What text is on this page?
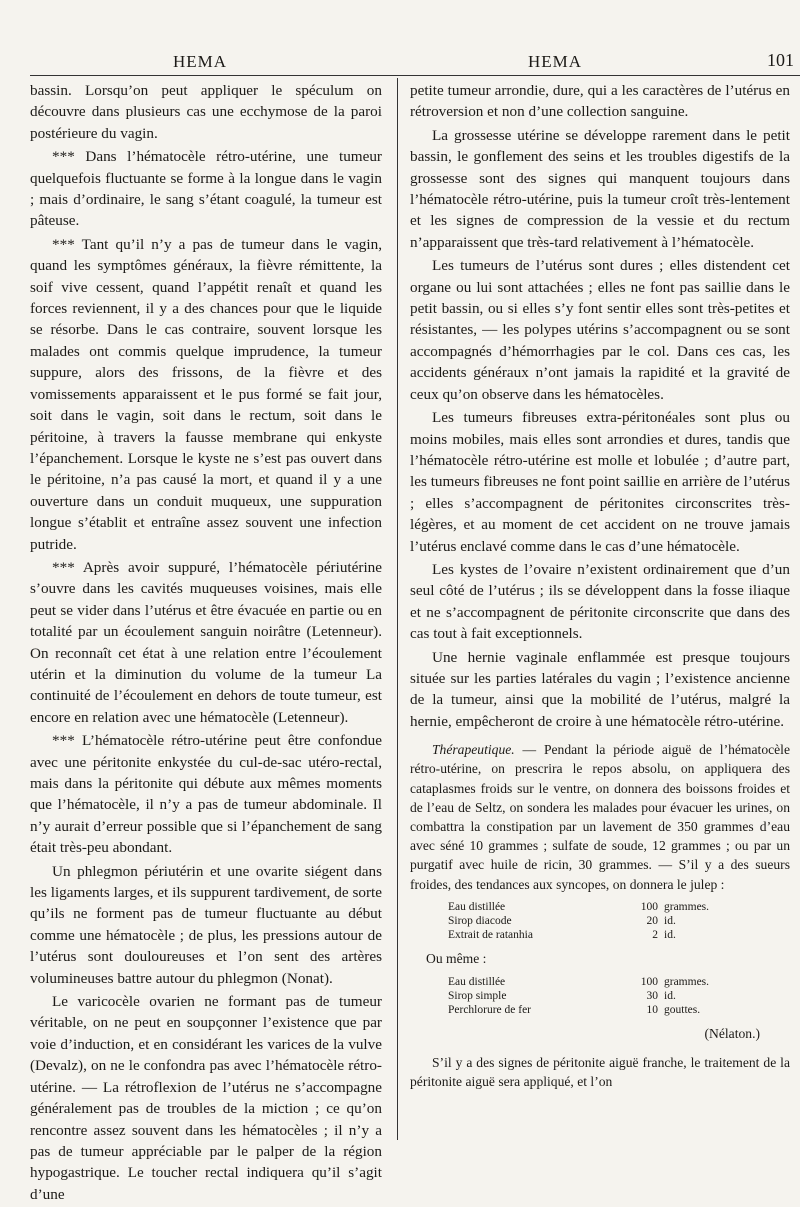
HEMA	HEMA	101

bassin. Lorsqu’on peut appliquer le spéculum on découvre dans plusieurs cas une ecchymose de la paroi postérieure du vagin.

*** Dans l’hématocèle rétro-utérine, une tumeur quelquefois fluctuante se forme à la longue dans le vagin ; mais d’ordinaire, le sang s’étant coagulé, la tumeur est pâteuse.

*** Tant qu’il n’y a pas de tumeur dans le vagin, quand les symptômes généraux, la fièvre rémittente, la soif vive cessent, quand l’appétit renaît et quand les forces reviennent, il y a des chances pour que le liquide se résorbe. Dans le cas contraire, souvent lorsque les malades ont commis quelque imprudence, la tumeur suppure, alors des frissons, de la fièvre et des vomissements apparaissent et le pus formé se fait jour, soit dans le vagin, soit dans le rectum, soit dans le péritoine, à travers la fausse membrane qui enkyste l’épanchement. Lorsque le kyste ne s’est pas ouvert dans le péritoine, n’a pas causé la mort, et quand il y a une ouverture dans un conduit muqueux, une suppuration longue s’établit et entraîne assez souvent une infection putride.

*** Après avoir suppuré, l’hématocèle périutérine s’ouvre dans les cavités muqueuses voisines, mais elle peut se vider dans l’utérus et être évacuée en partie ou en totalité par un écoulement sanguin noirâtre (Letenneur). On reconnaît cet état à une relation entre l’écoulement utérin et la diminution du volume de la tumeur La continuité de l’écoulement en dehors de toute tumeur, est encore en relation avec une hématocèle (Letenneur).

*** L’hématocèle rétro-utérine peut être confondue avec une péritonite enkystée du cul-de-sac utéro-rectal, mais dans la péritonite qui débute aux mêmes moments que l’hématocèle, il n’y a pas de tumeur abdominale. Il n’y aurait d’erreur possible que si l’épanchement de sang était très-peu abondant.

Un phlegmon périutérin et une ovarite siégent dans les ligaments larges, et ils suppurent tardivement, de sorte qu’ils ne forment pas de tumeur fluctuante au début comme une hématocèle ; de plus, les pressions autour de l’utérus sont douloureuses et l’on sent des artères volumineuses battre autour du phlegmon (Nonat).

Le varicocèle ovarien ne formant pas de tumeur véritable, on ne peut en soupçonner l’existence que par voie d’induction, et en considérant les varices de la vulve (Devalz), on ne le confondra pas avec l’hématocèle rétro-utérine. — La rétroflexion de l’utérus ne s’accompagne généralement pas de troubles de la miction ; ce qu’on rencontre assez souvent dans les hématocèles ; il n’y a pas de tumeur appréciable par le palper de la région hypogastrique. Le toucher rectal indiquera qu’il s’agit d’une

petite tumeur arrondie, dure, qui a les caractères de l’utérus en rétroversion et non d’une collection sanguine.

La grossesse utérine se développe rarement dans le petit bassin, le gonflement des seins et les troubles digestifs de la grossesse sont des signes qui manquent toujours dans l’hématocèle rétro-utérine, puis la tumeur croît très-lentement et les signes de compression de la vessie et du rectum n’apparaissent que très-tard relativement à l’hématocèle.

Les tumeurs de l’utérus sont dures ; elles distendent cet organe ou lui sont attachées ; elles ne font pas saillie dans le petit bassin, ou si elles s’y font sentir elles sont très-petites et résistantes, — les polypes utérins s’accompagnent ou se sont accompagnés d’hémorrhagies par le col. Dans ces cas, les accidents généraux n’ont jamais la rapidité et la gravité de ceux qu’on observe dans les hématocèles.

Les tumeurs fibreuses extra-péritonéales sont plus ou moins mobiles, mais elles sont arrondies et dures, tandis que l’hématocèle rétro-utérine est molle et lobulée ; d’autre part, les tumeurs fibreuses ne font point saillie en arrière de l’utérus ; elles s’accompagnent de péritonites circonscrites très-légères, et au moment de cet accident on ne trouve jamais l’utérus enclavé comme dans le cas d’une hématocèle.

Les kystes de l’ovaire n’existent ordinairement que d’un seul côté de l’utérus ; ils se développent dans la fosse iliaque et ne s’accompagnent de péritonite circonscrite que dans des cas tout à fait exceptionnels.

Une hernie vaginale enflammée est presque toujours située sur les parties latérales du vagin ; l’existence ancienne de la tumeur, ainsi que la mobilité de l’utérus, malgré la hernie, empêcheront de croire à une hématocèle rétro-utérine.

Thérapeutique. — Pendant la période aiguë de l’hématocèle rétro-utérine, on prescrira le repos absolu, on appliquera des cataplasmes froids sur le ventre, on donnera des boissons froides et de l’eau de Seltz, on sondera les malades pour évacuer les urines, on combattra la constipation par un lavement de 350 grammes d’eau avec séné 10 grammes ; sulfate de soude, 12 grammes ; ou par un purgatif avec huile de ricin, 30 grammes. — S’il y a des sueurs froides, des tendances aux syncopes, on donnera le julep :

Eau distillée	100 grammes.
Sirop diacode	20 id.
Extrait de ratanhia	2 id.
Ou même :
Eau distillée	100 grammes.
Sirop simple	30 id.
Perchlorure de fer	10 gouttes.
(Nélaton.)

S’il y a des signes de péritonite aiguë franche, le traitement de la péritonite aiguë sera appliqué, et l’on
